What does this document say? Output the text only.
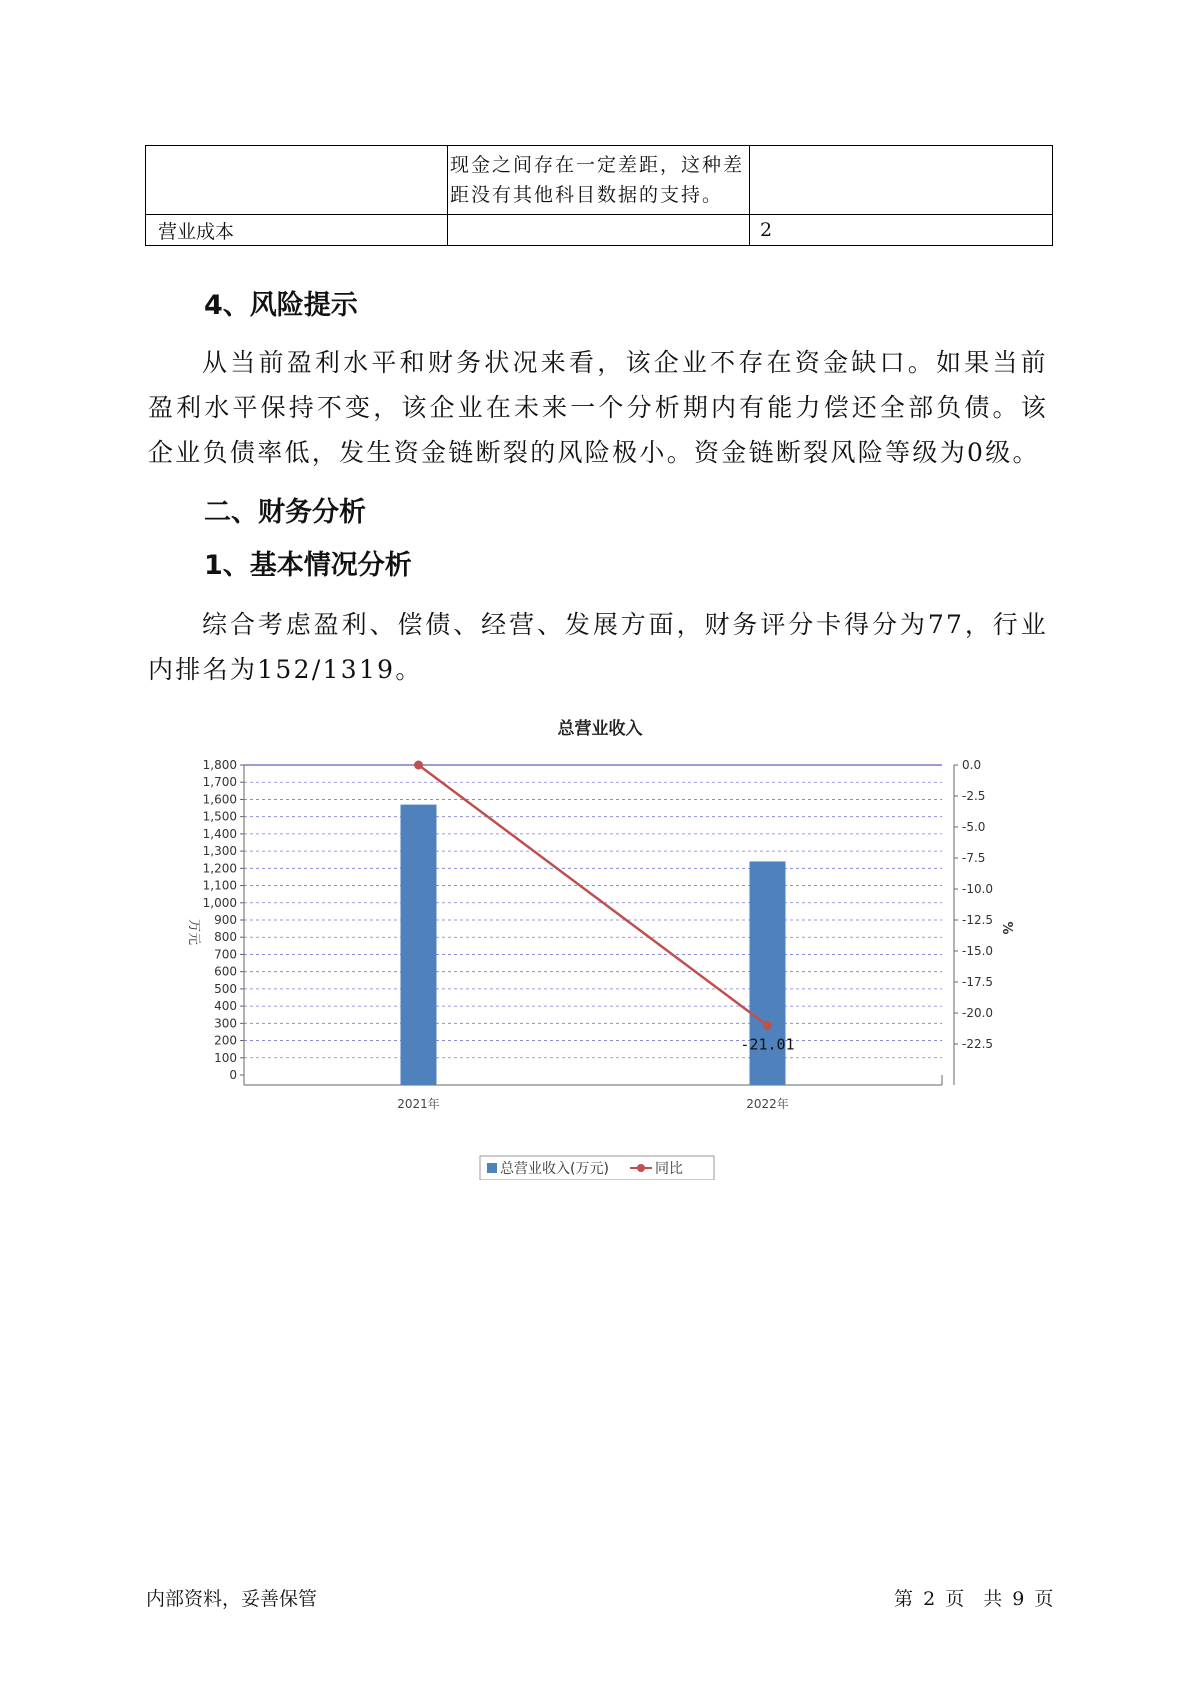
	现金之间存在一定差距，这种差距没有其他科目数据的支持。	
营业成本		2
4、风险提示

从当前盈利水平和财务状况来看，该企业不存在资金缺口。如果当前盈利水平保持不变，该企业在未来一个分析期内有能力偿还全部负债。该企业负债率低，发生资金链断裂的风险极小。资金链断裂风险等级为0级。

二、财务分析
1、基本情况分析

综合考虑盈利、偿债、经营、发展方面，财务评分卡得分为77，行业内排名为152/1319。

总营业收入
0
100
200
300
400
500
600
700
800
900
1,000
1,100
1,200
1,300
1,400
1,500
1,600
1,700
1,800	0.0
-2.5
-5.0
-7.5
-10.0
-12.5
-15.0
-17.5
-20.0
-22.5
万元	%
2021年	2022年
-21.01
总营业收入(万元)	同比
内部资料，妥善保管	第 2 页　共 9 页
